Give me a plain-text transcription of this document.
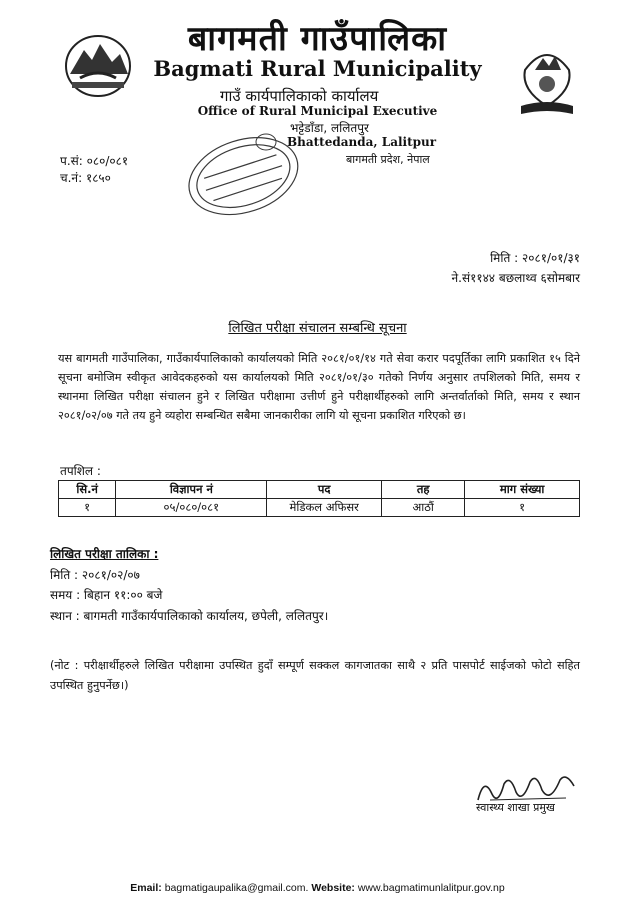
बागमती गाउँपालिका
Bagmati Rural Municipality
गाउँ कार्यपालिकाको कार्यालय
Office of Rural Municipal Executive
भट्टेडाँडा, ललितपुर
Bhattedanda, Lalitpur
बागमती प्रदेश, नेपाल
प.सं: ०८०/०८१
च.नं: १८५०
मिति : २०८१/०१/३१
ने.सं११४४ बछलाथ्व ६सोमबार
लिखित परीक्षा संचालन सम्बन्धि सूचना
यस बागमती गाउँपालिका, गाउँकार्यपालिकाको कार्यालयको मिति २०८१/०१/१४ गते सेवा करार पदपूर्तिका लागि प्रकाशित १५ दिने सूचना बमोजिम स्वीकृत आवेदकहरुको यस कार्यालयको मिति २०८१/०१/३० गतेको निर्णय अनुसार तपशिलको मिति, समय र स्थानमा लिखित परीक्षा संचालन हुने र लिखित परीक्षामा उत्तीर्ण हुने परीक्षार्थीहरुको लागि अन्तर्वार्ताको मिति, समय र स्थान २०८१/०२/०७ गते तय हुने व्यहोरा सम्बन्धित सबैमा जानकारीका लागि यो सूचना प्रकाशित गरिएको छ।
तपशिल :
सि.नं	विज्ञापन नं	पद	तह	माग संख्या
१	०५/०८०/०८१	मेडिकल अफिसर	आठौं	१
लिखित परीक्षा तालिका :
मिति : २०८१/०२/०७
समय : बिहान ११:०० बजे
स्थान : बागमती गाउँकार्यपालिकाको कार्यालय, छपेली, ललितपुर।
(नोट : परीक्षार्थीहरुले लिखित परीक्षामा उपस्थित हुदाँ सम्पूर्ण सक्कल कागजातका साथै २ प्रति पासपोर्ट साईजको फोटो सहित उपस्थित हुनुपर्नेछ।)
स्वास्थ्य शाखा प्रमुख
Email: bagmatigaupalika@gmail.com. Website: www.bagmatimunlalitpur.gov.np
